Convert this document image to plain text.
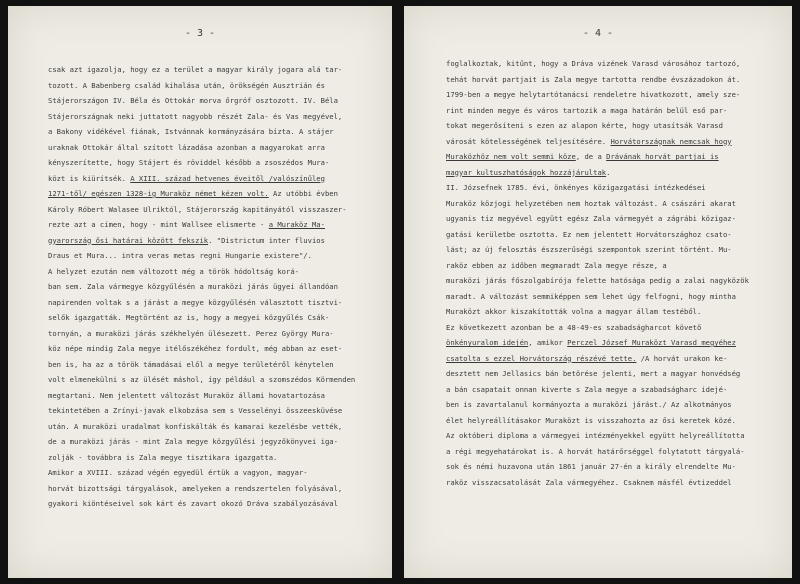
- 3 -
csak azt igazolja, hogy ez a terület a magyar király jogara alá tar-
tozott. A Babenberg család kihalása után, örökségén Ausztrián és
Stájerországon IV. Béla és Ottokár morva őrgróf osztozott. IV. Béla
Stájerországnak neki juttatott nagyobb részét Zala- és Vas megyével,
a Bakony vidékével fiának, Istvánnak kormányzására bízta. A stájer
uraknak Ottokár által szított lázadása azonban a magyarokat arra
kényszerítette, hogy Stájert és röviddel később a zsoszédos Mura-
közt is kiürítsék. A XIII. század hetvenes éveitől /valószínűleg
1271-től/ egészen 1328-ig Muraköz német kézen volt. Az utóbbi évben
Károly Róbert Walasee Ulriktól, Stájerország kapitányától visszaszer-
rezte azt a címen, hogy - mint Wallsee elismerte - a Muraköz Ma-
gyarország ősi határai között fekszik. "Districtum inter fluvios
Draus et Mura... intra veras metas regni Hungarie existere"/.
A helyzet ezután nem változott még a török hódoltság korá-
ban sem. Zala vármegye közgyűlésén a muraközi járás ügyei állandóan
napirenden voltak s a járást a megye közgyűlésén választott tisztvi-
selők igazgatták. Megtörtént az is, hogy a megyei közgyűlés Csák-
tornyán, a muraközi járás székhelyén ülésezett. Perez György Mura-
köz népe mindig Zala megye itélőszékéhez fordult, még abban az eset-
ben is, ha az a török támadásai elől a megye területéről kénytelen
volt elmenekülni s az ülését máshol, így például a szomszédos Körmenden
megtartani. Nem jelentett változást Muraköz állami hovatartozása
tekintetében a Zrínyi-javak elkobzása sem s Vesselényi összeesküvése
után. A muraközi uradalmat konfiskálták és kamarai kezelésbe vették,
de a muraközi járás - mint Zala megye közgyűlési jegyzőkönyvei iga-
zolják - továbbra is Zala megye tisztikara igazgatta.
Amikor a XVIII. század végén egyedül értük a vagyon, magyar-
horvát bizottsági tárgyalások, amelyeken a rendszertelen folyásával,
gyakori kiöntéseivel sok kárt és zavart okozó Dráva szabályozásával
- 4 -
foglalkoztak, kitűnt, hogy a Dráva vizének Varasd városához tartozó,
tehát horvát partjait is Zala megye tartotta rendbe évszázadokon át.
1799-ben a megye helytartótanácsi rendeletre hivatkozott, amely sze-
rint minden megye és város tartozik a maga határán belül eső par-
tokat megerősíteni s ezen az alapon kérte, hogy utasítsák Varasd
városát kötelességének teljesítésére. Horvátországnak nemcsak hogy
Muraközhöz nem volt semmi köze, de a Drávának horvát partjai is
magyar kultuszhatóságok hozzájárultak.
II. Józsefnek 1785. évi, önkényes közigazgatási intézkedései
Muraköz közjogi helyzetében nem hoztak változást. A császári akarat
ugyanis tíz megyével együtt egész Zala vármegyét a zágrábi közigaz-
gatási kerületbe osztotta. Ez nem jelentett Horvátországhoz csato-
lást; az új felosztás észszerűségi szempontok szerint történt. Mu-
raköz ebben az időben megmaradt Zala megye része, a
muraközi járás főszolgabírója felette hatósága pedig a zalai nagyközök
maradt. A változást semmiképpen sem lehet úgy felfogni, hogy mintha
Muraközt akkor kiszakították volna a magyar állam testéből.
Ez következett azonban be a 48-49-es szabadságharcot követő
önkényuralom idején, amikor Perczel József Muraközt Varasd megyéhez
csatolta s ezzel Horvátország részévé tette. /A horvát urakon ke-
desztett nem Jellasics bán betörése jelenti, mert a magyar honvédség
a bán csapatait onnan kiverte s Zala megye a szabadságharc idejé-
ben is zavartalanul kormányozta a muraközi járást./ Az alkotmányos
élet helyreállításakor Muraközt is visszahozta az ősi keretek közé.
Az októberi diploma a vármegyei intézményekkel együtt helyreállította
a régi megyehatárokat is. A horvát határőrséggel folytatott tárgyalá-
sok és némi huzavona után 1861 január 27-én a király elrendelte Mu-
raköz visszacsatolását Zala vármegyéhez. Csaknem másfél évtizeddel
